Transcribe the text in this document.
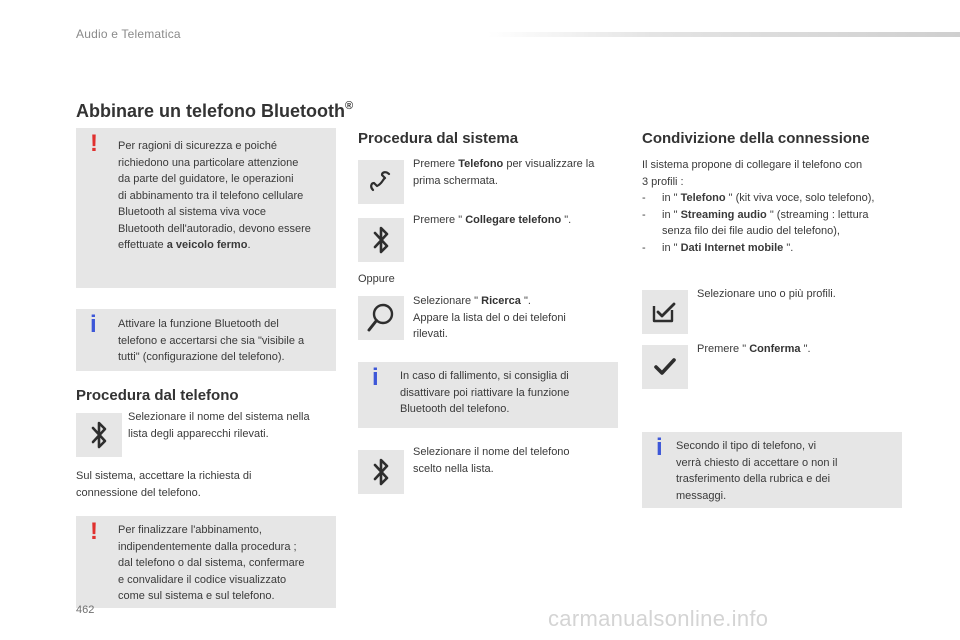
Audio e Telematica
Abbinare un telefono Bluetooth®
! Per ragioni di sicurezza e poiché
richiedono una particolare attenzione
da parte del guidatore, le operazioni
di abbinamento tra il telefono cellulare
Bluetooth al sistema viva voce
Bluetooth dell'autoradio, devono essere
effettuate a veicolo fermo.
i Attivare la funzione Bluetooth del
telefono e accertarsi che sia "visibile a
tutti" (configurazione del telefono).
Procedura dal telefono
Selezionare il nome del sistema nella
lista degli apparecchi rilevati.
Sul sistema, accettare la richiesta di
connessione del telefono.
! Per finalizzare l'abbinamento,
indipendentemente dalla procedura ;
dal telefono o dal sistema, confermare
e convalidare il codice visualizzato
come sul sistema e sul telefono.
Procedura dal sistema
Premere Telefono per visualizzare la
prima schermata.
Premere " Collegare telefono ".
Oppure
Selezionare " Ricerca ".
Appare la lista del o dei telefoni
rilevati.
i In caso di fallimento, si consiglia di
disattivare poi riattivare la funzione
Bluetooth del telefono.
Selezionare il nome del telefono
scelto nella lista.
Condivizione della connessione
Il sistema propone di collegare il telefono con
3 profili :
- in " Telefono " (kit viva voce, solo telefono),
- in " Streaming audio " (streaming : lettura
senza filo dei file audio del telefono),
- in " Dati Internet mobile ".
Selezionare uno o più profili.
Premere " Conferma ".
i Secondo il tipo di telefono, vi
verrà chiesto di accettare o non il
trasferimento della rubrica e dei
messaggi.
462	carmanualsonline.info
